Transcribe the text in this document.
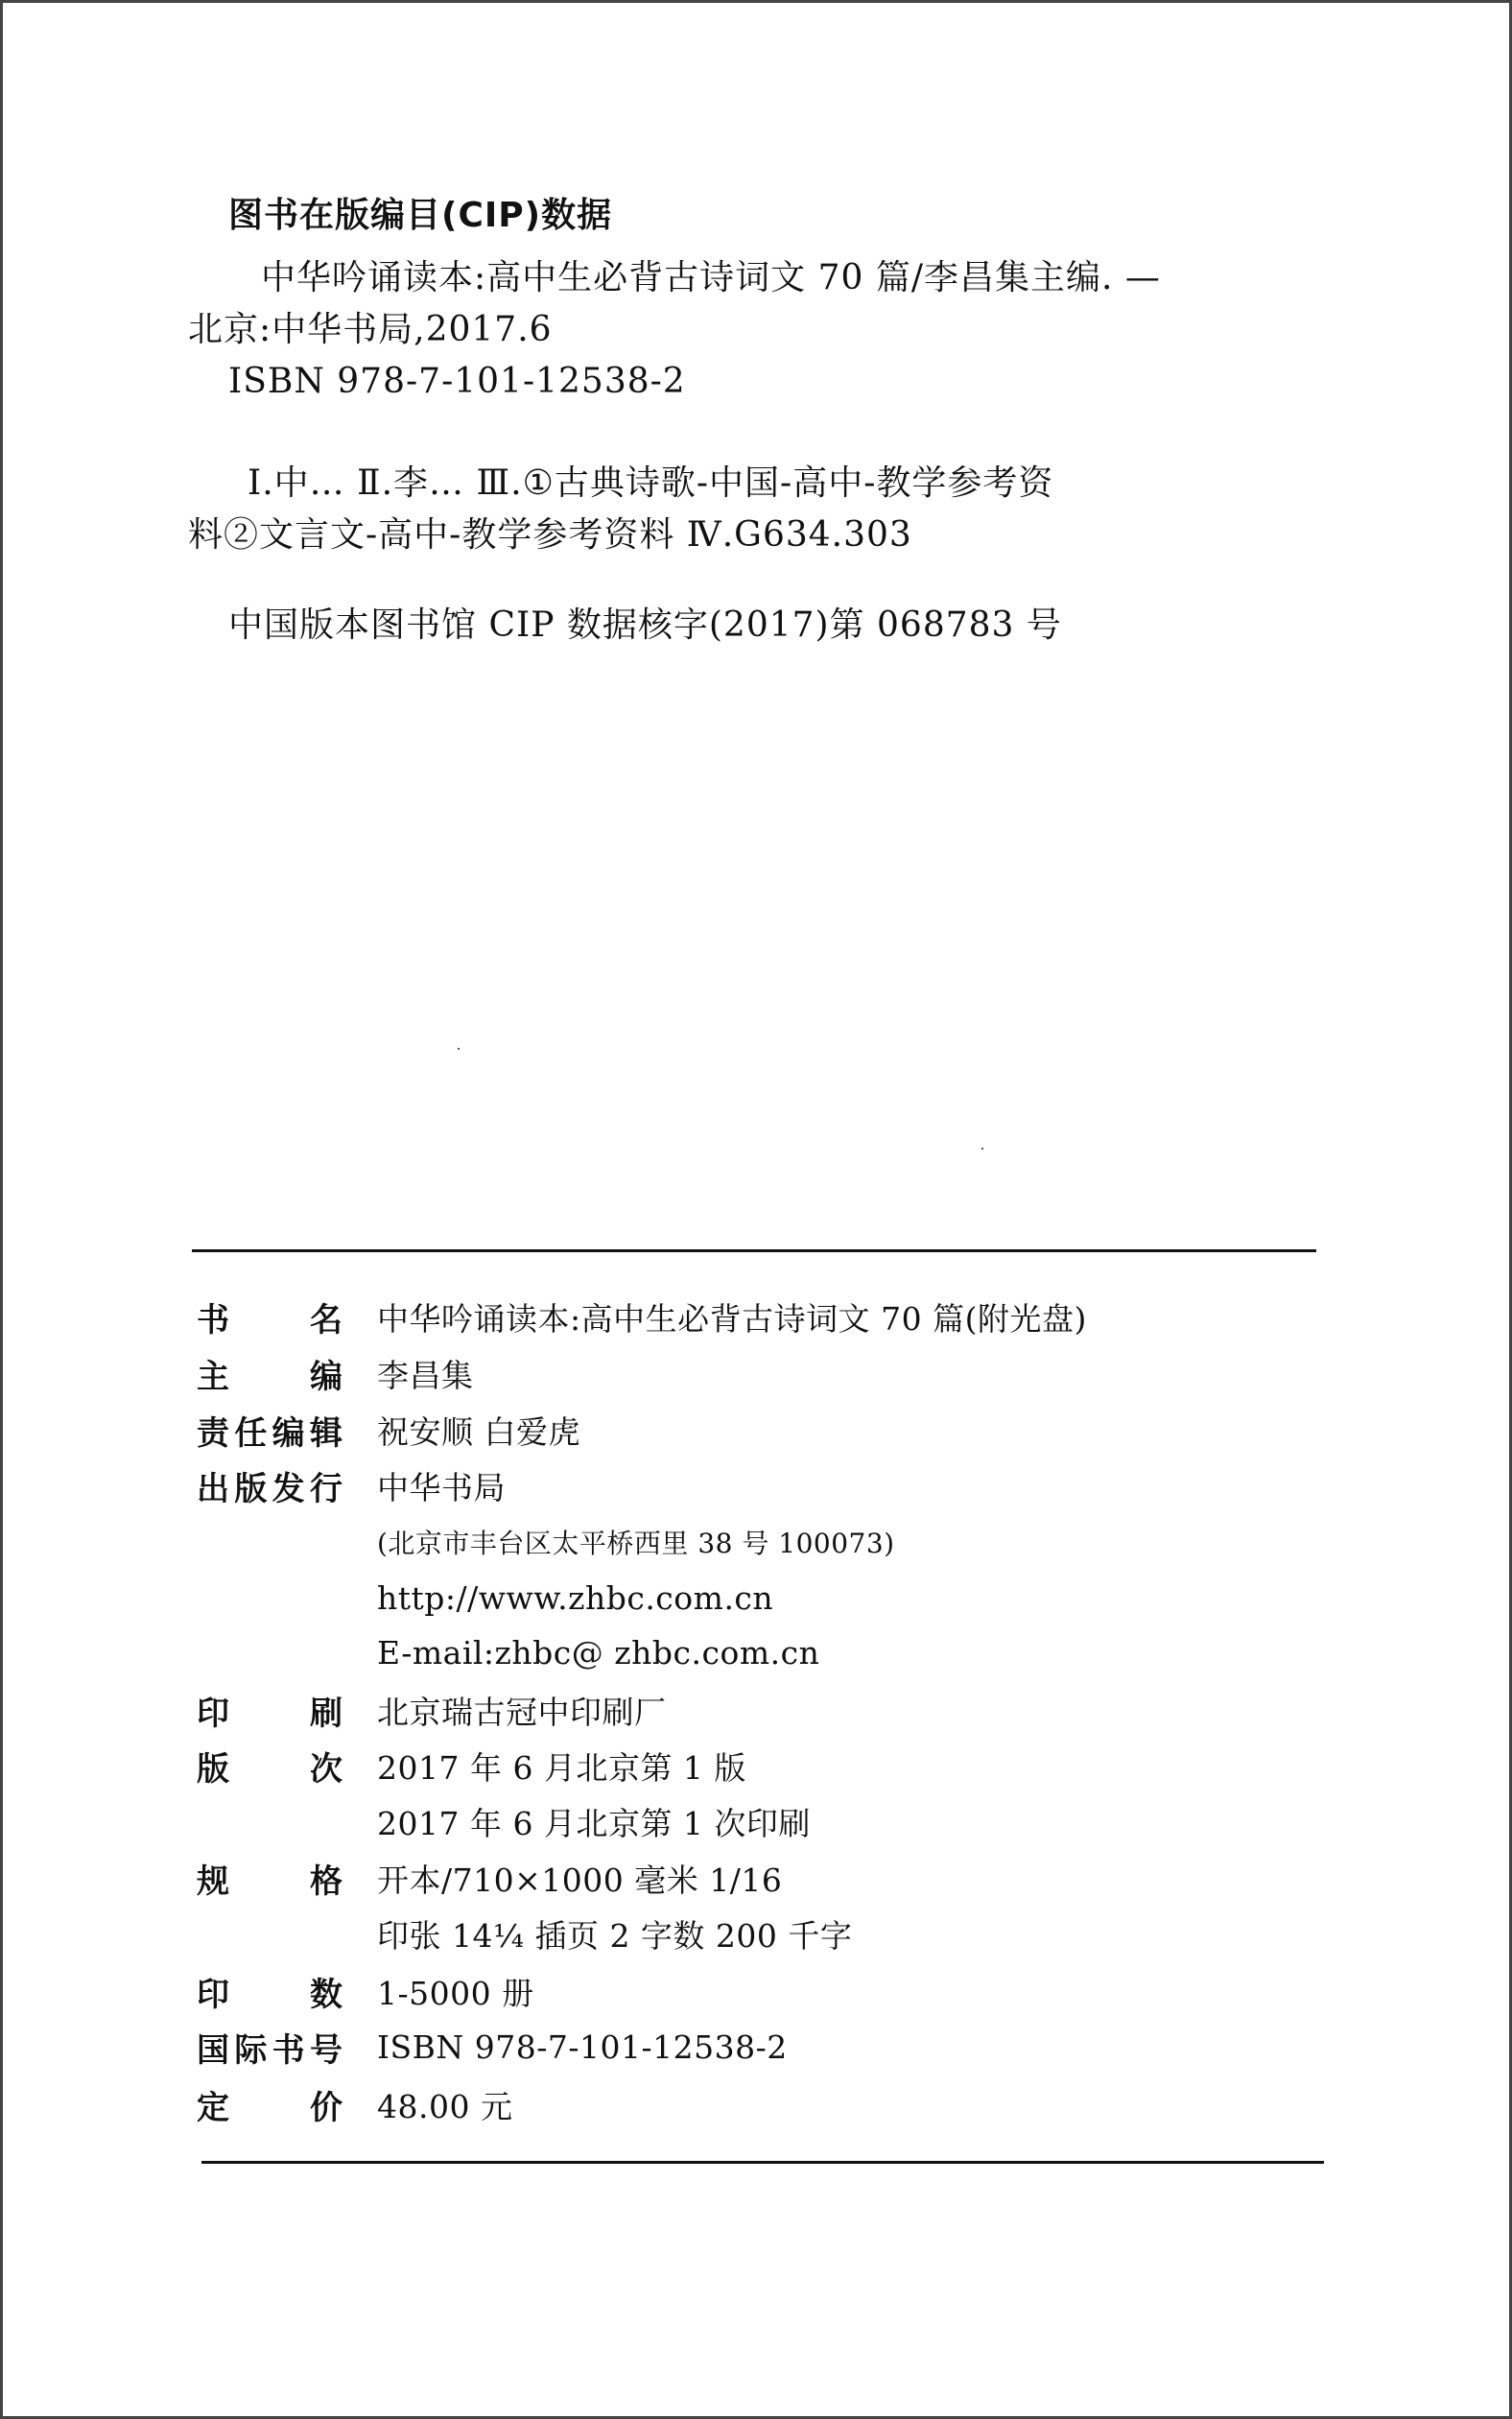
图书在版编目(CIP)数据
中华吟诵读本:高中生必背古诗词文 70 篇/李昌集主编. —
北京:中华书局,2017.6
ISBN 978-7-101-12538-2
Ⅰ.中… Ⅱ.李… Ⅲ.①古典诗歌-中国-高中-教学参考资
料②文言文-高中-教学参考资料 Ⅳ.G634.303
中国版本图书馆 CIP 数据核字(2017)第 068783 号
书 名 中华吟诵读本:高中生必背古诗词文 70 篇(附光盘)
主 编 李昌集
责 任 编 辑 祝安顺 白爱虎
出 版 发 行 中华书局
(北京市丰台区太平桥西里 38 号 100073)
http://www.zhbc.com.cn
E-mail:zhbc@ zhbc.com.cn
印 刷 北京瑞古冠中印刷厂
版 次 2017 年 6 月北京第 1 版
2017 年 6 月北京第 1 次印刷
规 格 开本/710×1000 毫米 1/16
印张 14¼ 插页 2 字数 200 千字
印 数 1-5000 册
国 际 书 号 ISBN 978-7-101-12538-2
定 价 48.00 元
